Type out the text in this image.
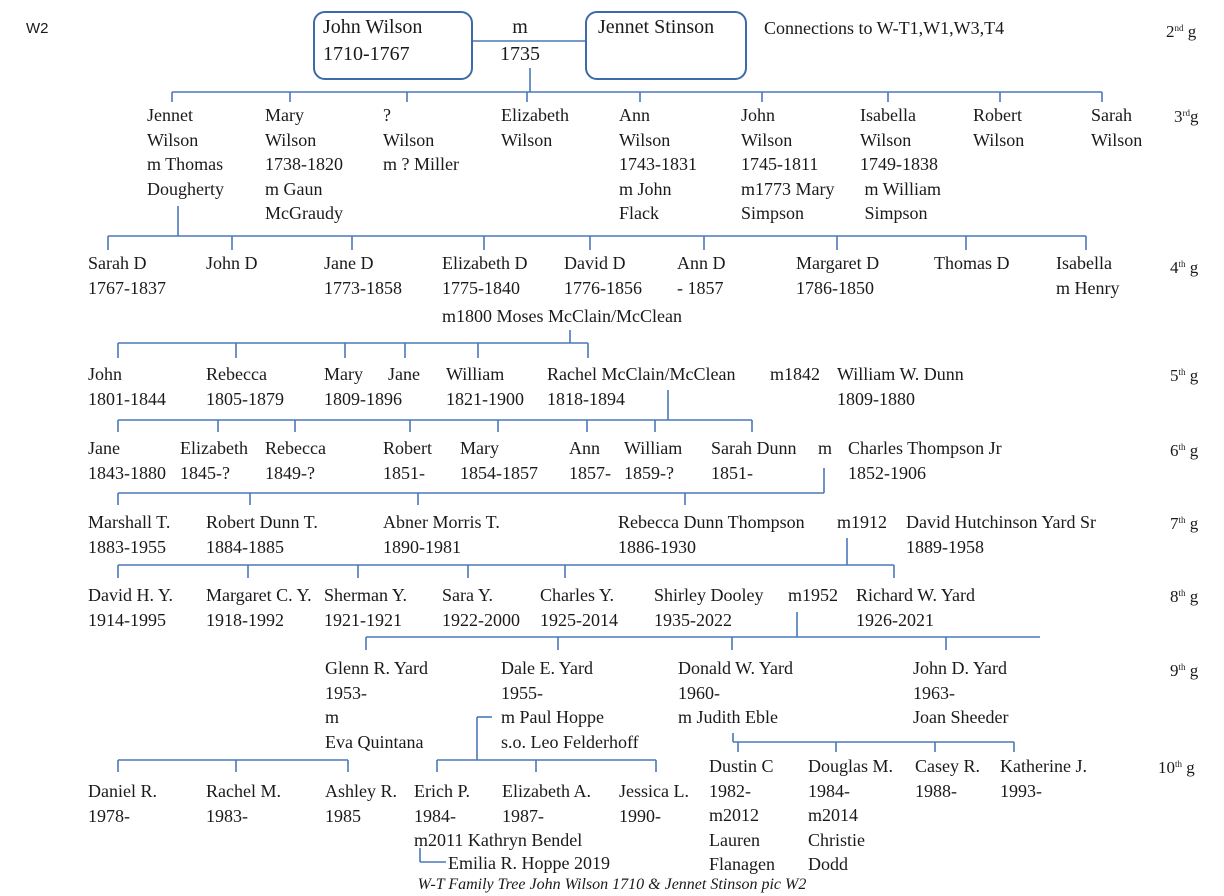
W2	John Wilson
1710-1767
m
1735
Jennet Stinson	Connections to W-T1,W1,W3,T4	2nd g
3rdg
4th g
5th g
6th g
7th g
8th g
9th g
10th g
Jennet
Wilson
m Thomas
Dougherty
Mary
Wilson
1738-1820
m Gaun
McGraudy
?
Wilson
m ? Miller
Elizabeth
Wilson
Ann
Wilson
1743-1831
m John
Flack
John
Wilson
1745-1811
m1773 Mary
Simpson
Isabella
Wilson
1749-1838
m William
Simpson
Robert
Wilson
Sarah
Wilson
Sarah D
1767-1837
John D	Jane D
1773-1858
Elizabeth D
1775-1840
David D
1776-1856
Ann D
- 1857
Margaret D
1786-1850
Thomas D	Isabella
m Henry
m1800 Moses McClain/McClean
John
1801-1844
Rebecca
1805-1879
Mary
1809-1896
Jane William
1821-1900
Rachel McClain/McClean
1818-1894
m1842 William W. Dunn
1809-1880
Jane
1843-1880
Elizabeth
1845-?
Rebecca
1849-?
Robert
1851-
Mary
1854-1857
Ann
1857-
William
1859-?
Sarah Dunn
1851-
m Charles Thompson Jr
1852-1906
Marshall T.
1883-1955
Robert Dunn T.
1884-1885
Abner Morris T.
1890-1981
Rebecca Dunn Thompson
1886-1930
m1912 David Hutchinson Yard Sr
1889-1958
David H. Y.
1914-1995
Margaret C. Y.
1918-1992
Sherman Y.
1921-1921
Sara Y.
1922-2000
Charles Y.
1925-2014
Shirley Dooley
1935-2022
m1952 Richard W. Yard
1926-2021
Glenn R. Yard
1953-
m
Eva Quintana
Dale E. Yard
1955-
m Paul Hoppe
s.o. Leo Felderhoff
Donald W. Yard
1960-
m Judith Eble
John D. Yard
1963-
Joan Sheeder
Daniel R.
1978-
Rachel M.
1983-
Ashley R.
1985
Erich P.
1984-
m2011 Kathryn Bendel
Elizabeth A.
1987-
Jessica L.
1990-
Dustin C
1982-
m2012
Lauren
Flanagen
Douglas M.
1984-
m2014
Christie
Dodd
Casey R.
1988-
Katherine J.
1993-
Emilia R. Hoppe 2019
W-T Family Tree John Wilson 1710 & Jennet Stinson pic W2
